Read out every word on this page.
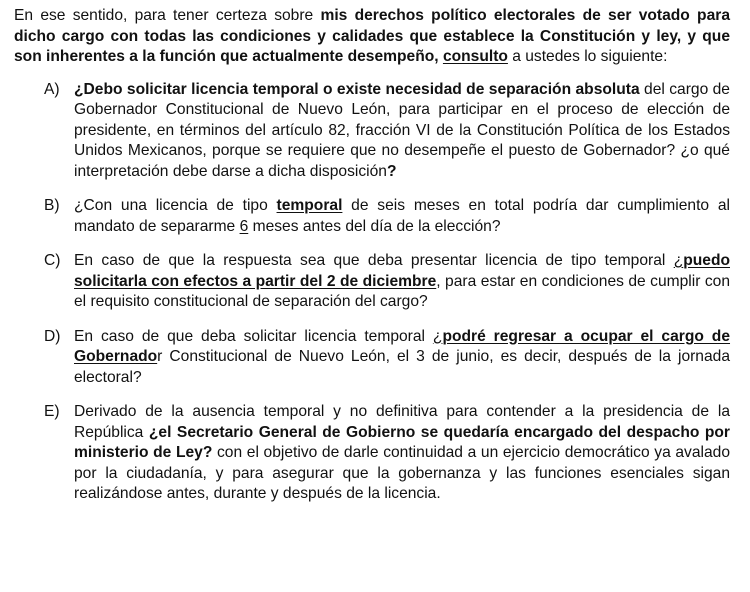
En ese sentido, para tener certeza sobre mis derechos político electorales de ser votado para dicho cargo con todas las condiciones y calidades que establece la Constitución y ley, y que son inherentes a la función que actualmente desempeño, consulto a ustedes lo siguiente:

A) ¿Debo solicitar licencia temporal o existe necesidad de separación absoluta del cargo de Gobernador Constitucional de Nuevo León, para participar en el proceso de elección de presidente, en términos del artículo 82, fracción VI de la Constitución Política de los Estados Unidos Mexicanos, porque se requiere que no desempeñe el puesto de Gobernador? ¿o qué interpretación debe darse a dicha disposición?
B) ¿Con una licencia de tipo temporal de seis meses en total podría dar cumplimiento al mandato de separarme 6 meses antes del día de la elección?
C) En caso de que la respuesta sea que deba presentar licencia de tipo temporal ¿puedo solicitarla con efectos a partir del 2 de diciembre, para estar en condiciones de cumplir con el requisito constitucional de separación del cargo?
D) En caso de que deba solicitar licencia temporal ¿podré regresar a ocupar el cargo de Gobernador Constitucional de Nuevo León, el 3 de junio, es decir, después de la jornada electoral?
E) Derivado de la ausencia temporal y no definitiva para contender a la presidencia de la República ¿el Secretario General de Gobierno se quedaría encargado del despacho por ministerio de Ley? con el objetivo de darle continuidad a un ejercicio democrático ya avalado por la ciudadanía, y para asegurar que la gobernanza y las funciones esenciales sigan realizándose antes, durante y después de la licencia.
